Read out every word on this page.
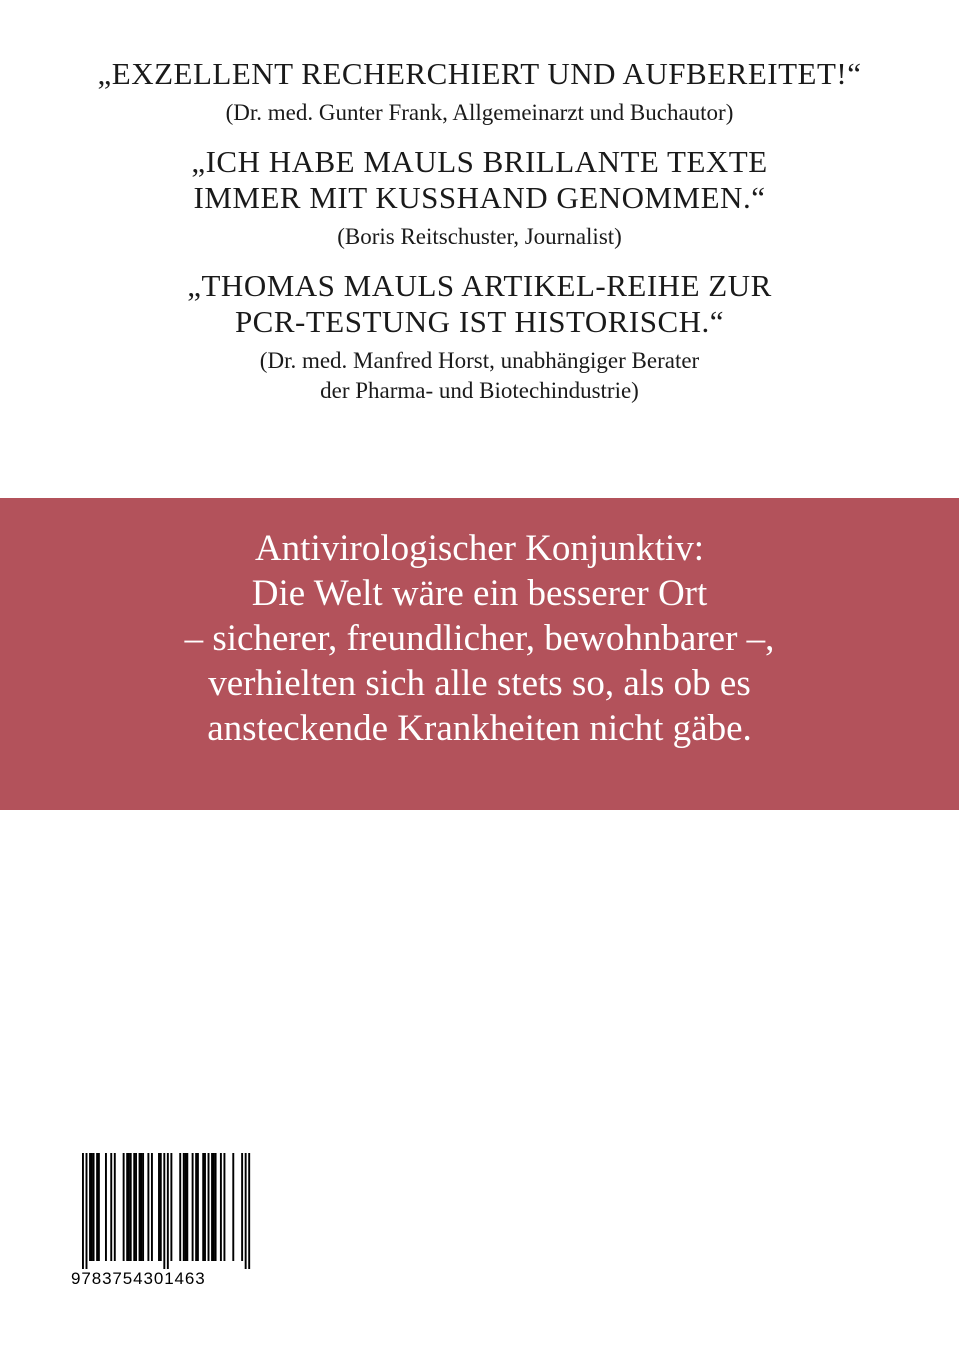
„EXZELLENT RECHERCHIERT UND AUFBEREITET!“

(Dr. med. Gunter Frank, Allgemeinarzt und Buchautor)

„ICH HABE MAULS BRILLANTE TEXTE

IMMER MIT KUSSHAND GENOMMEN.“

(Boris Reitschuster, Journalist)

„THOMAS MAULS ARTIKEL-REIHE ZUR

PCR-TESTUNG IST HISTORISCH.“

(Dr. med. Manfred Horst, unabhängiger Berater

der Pharma- und Biotechindustrie)

Antivirologischer Konjunktiv:
Die Welt wäre ein besserer Ort
– sicherer, freundlicher, bewohnbarer –,
verhielten sich alle stets so, als ob es
ansteckende Krankheiten nicht gäbe.
9783754301463
